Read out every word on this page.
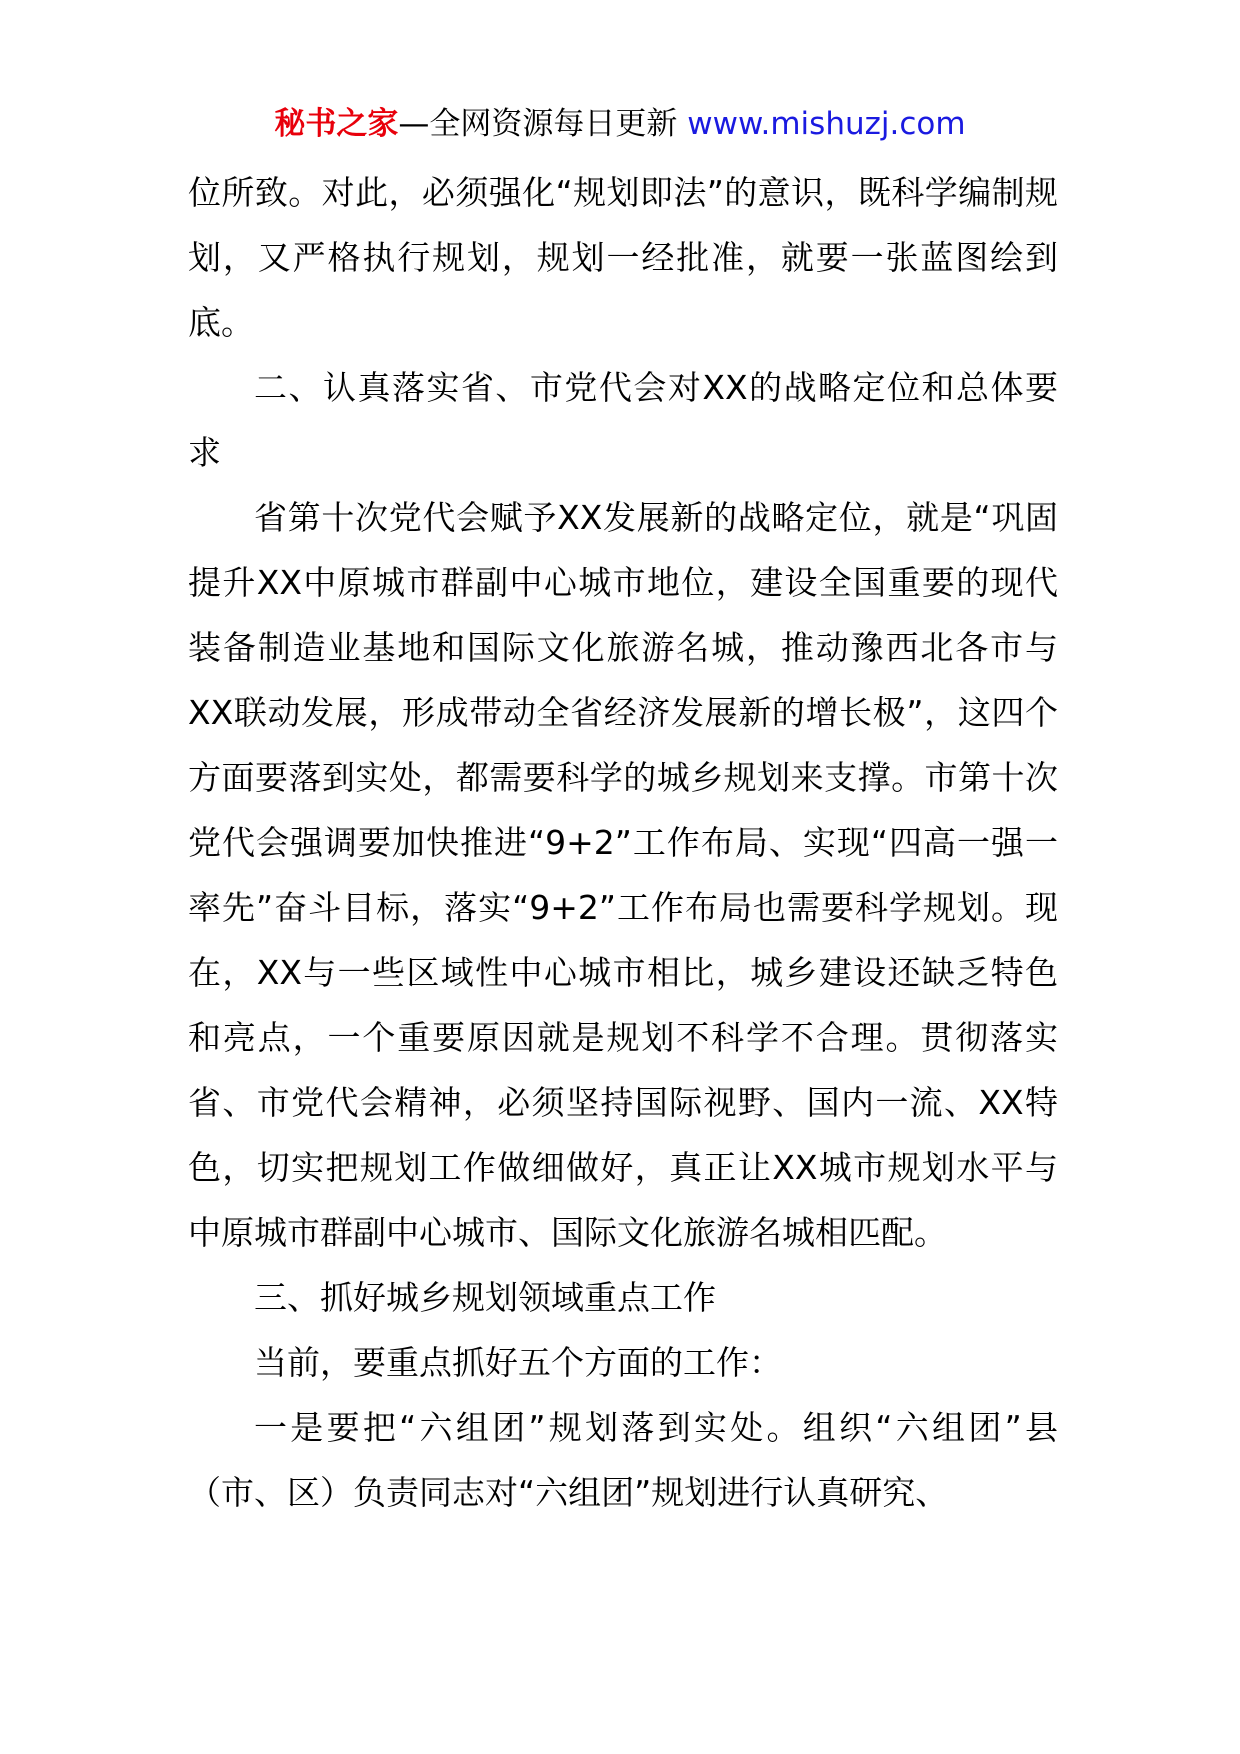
秘书之家—全网资源每日更新 www.mishuzj.com

位所致。对此，必须强化“规划即法”的意识，既科学编制规划，又严格执行规划，规划一经批准，就要一张蓝图绘到底。

二、认真落实省、市党代会对XX的战略定位和总体要求

省第十次党代会赋予XX发展新的战略定位，就是“巩固提升XX中原城市群副中心城市地位，建设全国重要的现代装备制造业基地和国际文化旅游名城，推动豫西北各市与XX联动发展，形成带动全省经济发展新的增长极”，这四个方面要落到实处，都需要科学的城乡规划来支撑。市第十次党代会强调要加快推进“9+2”工作布局、实现“四高一强一率先”奋斗目标，落实“9+2”工作布局也需要科学规划。现在，XX与一些区域性中心城市相比，城乡建设还缺乏特色和亮点，一个重要原因就是规划不科学不合理。贯彻落实省、市党代会精神，必须坚持国际视野、国内一流、XX特色，切实把规划工作做细做好，真正让XX城市规划水平与中原城市群副中心城市、国际文化旅游名城相匹配。

三、抓好城乡规划领域重点工作

当前，要重点抓好五个方面的工作：

一是要把“六组团”规划落到实处。组织“六组团”县（市、区）负责同志对“六组团”规划进行认真研究、
